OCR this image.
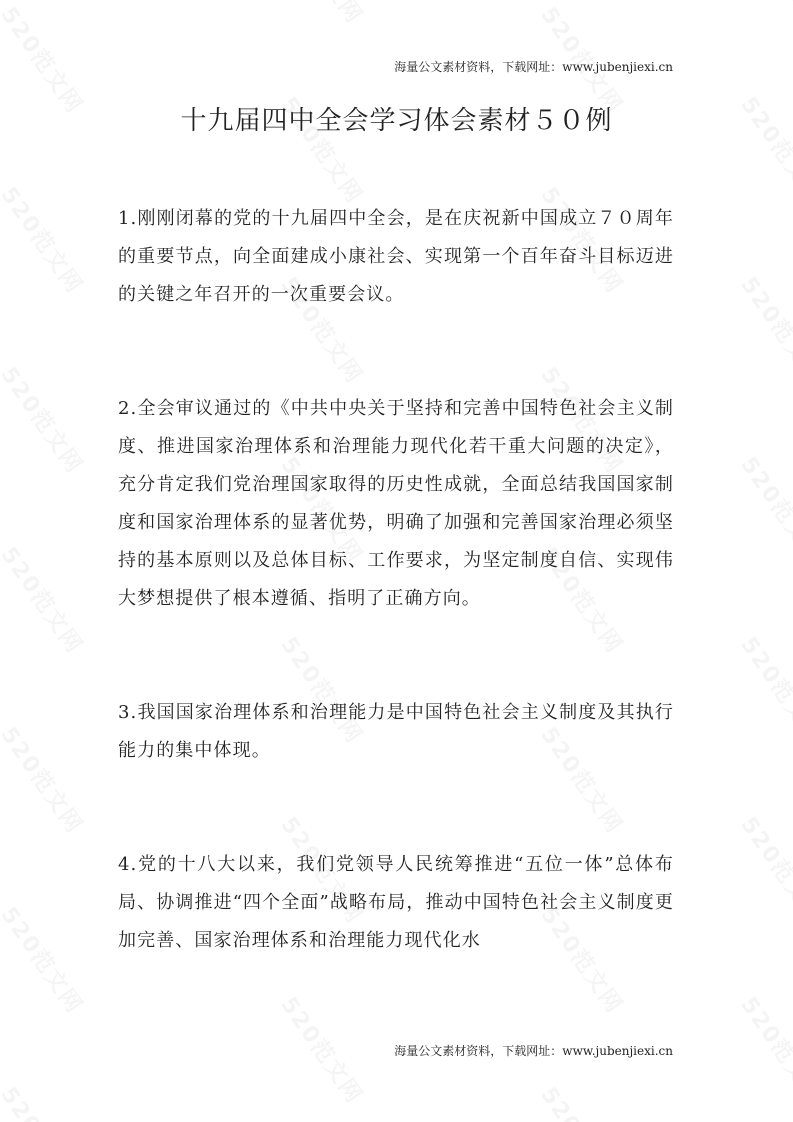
海量公文素材资料，下载网址：www.jubenjiexi.cn
十九届四中全会学习体会素材５０例

1.刚刚闭幕的党的十九届四中全会，是在庆祝新中国成立７０周年的重要节点，向全面建成小康社会、实现第一个百年奋斗目标迈进的关键之年召开的一次重要会议。

2.全会审议通过的《中共中央关于坚持和完善中国特色社会主义制度、推进国家治理体系和治理能力现代化若干重大问题的决定》，充分肯定我们党治理国家取得的历史性成就，全面总结我国国家制度和国家治理体系的显著优势，明确了加强和完善国家治理必须坚持的基本原则以及总体目标、工作要求，为坚定制度自信、实现伟大梦想提供了根本遵循、指明了正确方向。

3.我国国家治理体系和治理能力是中国特色社会主义制度及其执行能力的集中体现。

4.党的十八大以来，我们党领导人民统筹推进“五位一体”总体布局、协调推进“四个全面”战略布局，推动中国特色社会主义制度更加完善、国家治理体系和治理能力现代化水

海量公文素材资料，下载网址：www.jubenjiexi.cn
